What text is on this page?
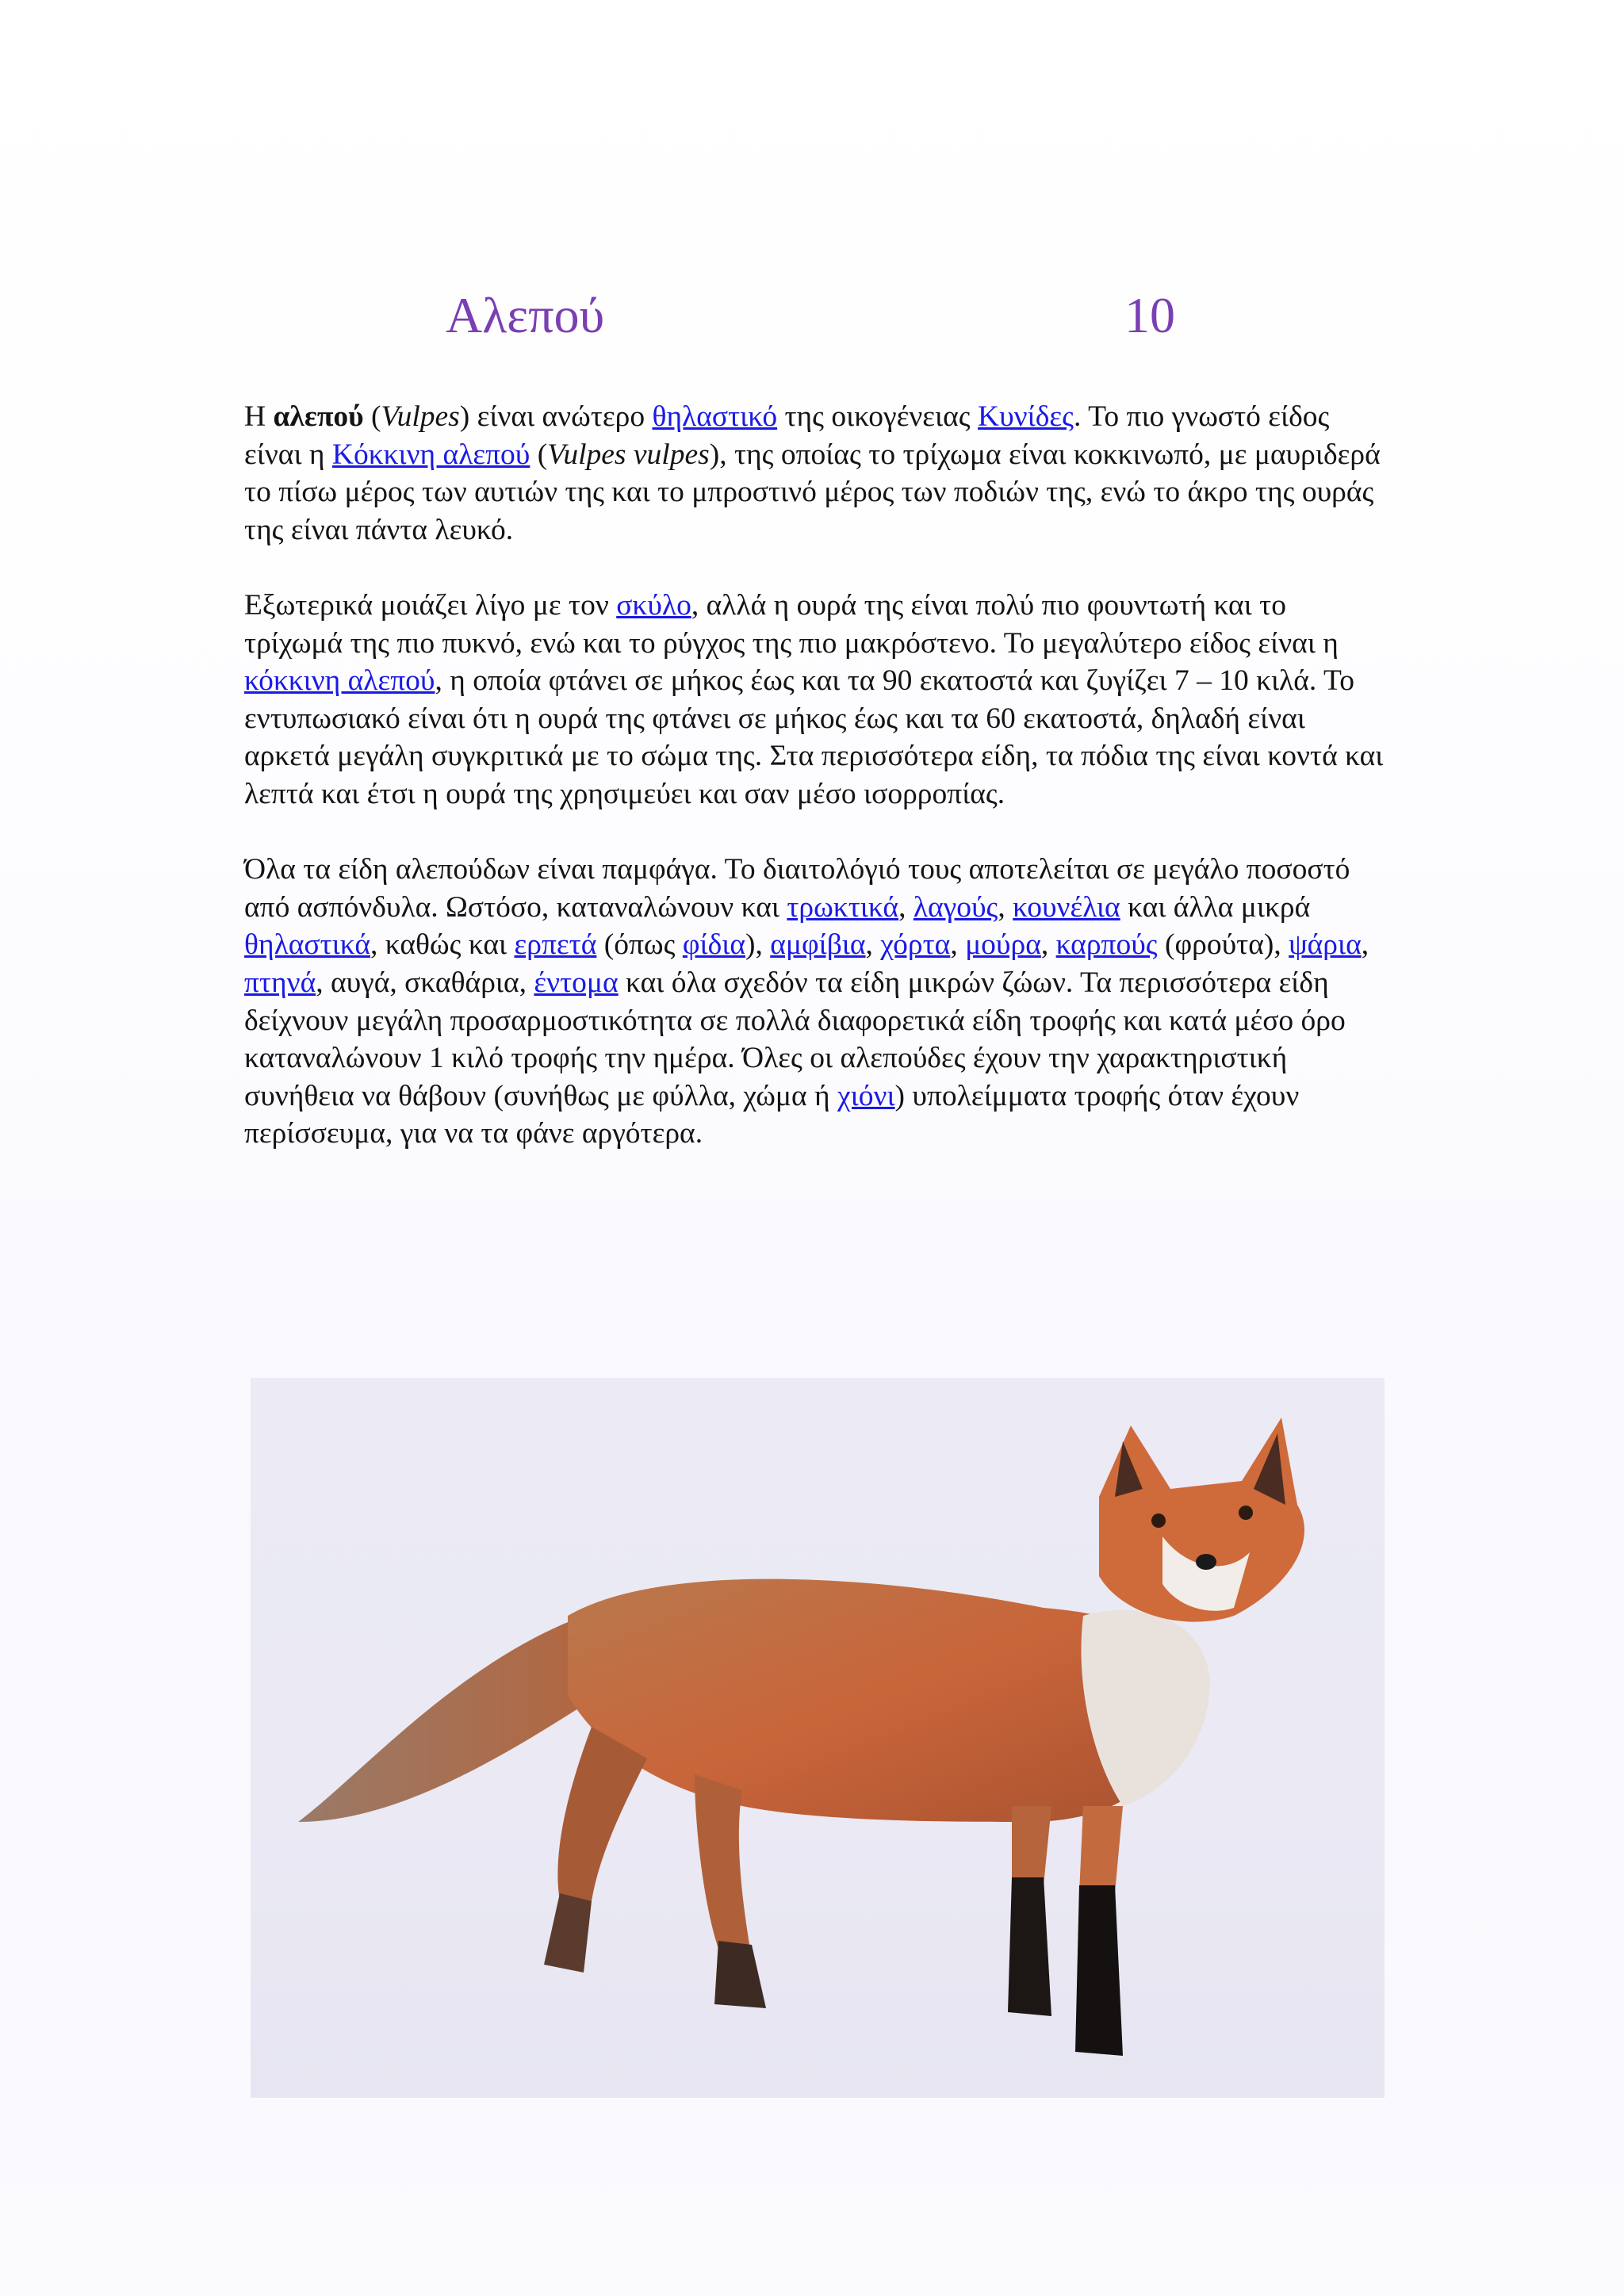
Αλεπού	10

Η αλεπού (Vulpes) είναι ανώτερο θηλαστικό της οικογένειας Κυνίδες. Το πιο γνωστό είδος είναι η Κόκκινη αλεπού (Vulpes vulpes), της οποίας το τρίχωμα είναι κοκκινωπό, με μαυριδερά το πίσω μέρος των αυτιών της και το μπροστινό μέρος των ποδιών της, ενώ το άκρο της ουράς της είναι πάντα λευκό.

Εξωτερικά μοιάζει λίγο με τον σκύλο, αλλά η ουρά της είναι πολύ πιο φουντωτή και το τρίχωμά της πιο πυκνό, ενώ και το ρύγχος της πιο μακρόστενο. Το μεγαλύτερο είδος είναι η κόκκινη αλεπού, η οποία φτάνει σε μήκος έως και τα 90 εκατοστά και ζυγίζει 7 – 10 κιλά. Το εντυπωσιακό είναι ότι η ουρά της φτάνει σε μήκος έως και τα 60 εκατοστά, δηλαδή είναι αρκετά μεγάλη συγκριτικά με το σώμα της. Στα περισσότερα είδη, τα πόδια της είναι κοντά και λεπτά και έτσι η ουρά της χρησιμεύει και σαν μέσο ισορροπίας.

Όλα τα είδη αλεπούδων είναι παμφάγα. Το διαιτολόγιό τους αποτελείται σε μεγάλο ποσοστό από ασπόνδυλα. Ωστόσο, καταναλώνουν και τρωκτικά, λαγούς, κουνέλια και άλλα μικρά θηλαστικά, καθώς και ερπετά (όπως φίδια), αμφίβια, χόρτα, μούρα, καρπούς (φρούτα), ψάρια, πτηνά, αυγά, σκαθάρια, έντομα και όλα σχεδόν τα είδη μικρών ζώων. Τα περισσότερα είδη δείχνουν μεγάλη προσαρμοστικότητα σε πολλά διαφορετικά είδη τροφής και κατά μέσο όρο καταναλώνουν 1 κιλό τροφής την ημέρα. Όλες οι αλεπούδες έχουν την χαρακτηριστική συνήθεια να θάβουν (συνήθως με φύλλα, χώμα ή χιόνι) υπολείμματα τροφής όταν έχουν περίσσευμα, για να τα φάνε αργότερα.
